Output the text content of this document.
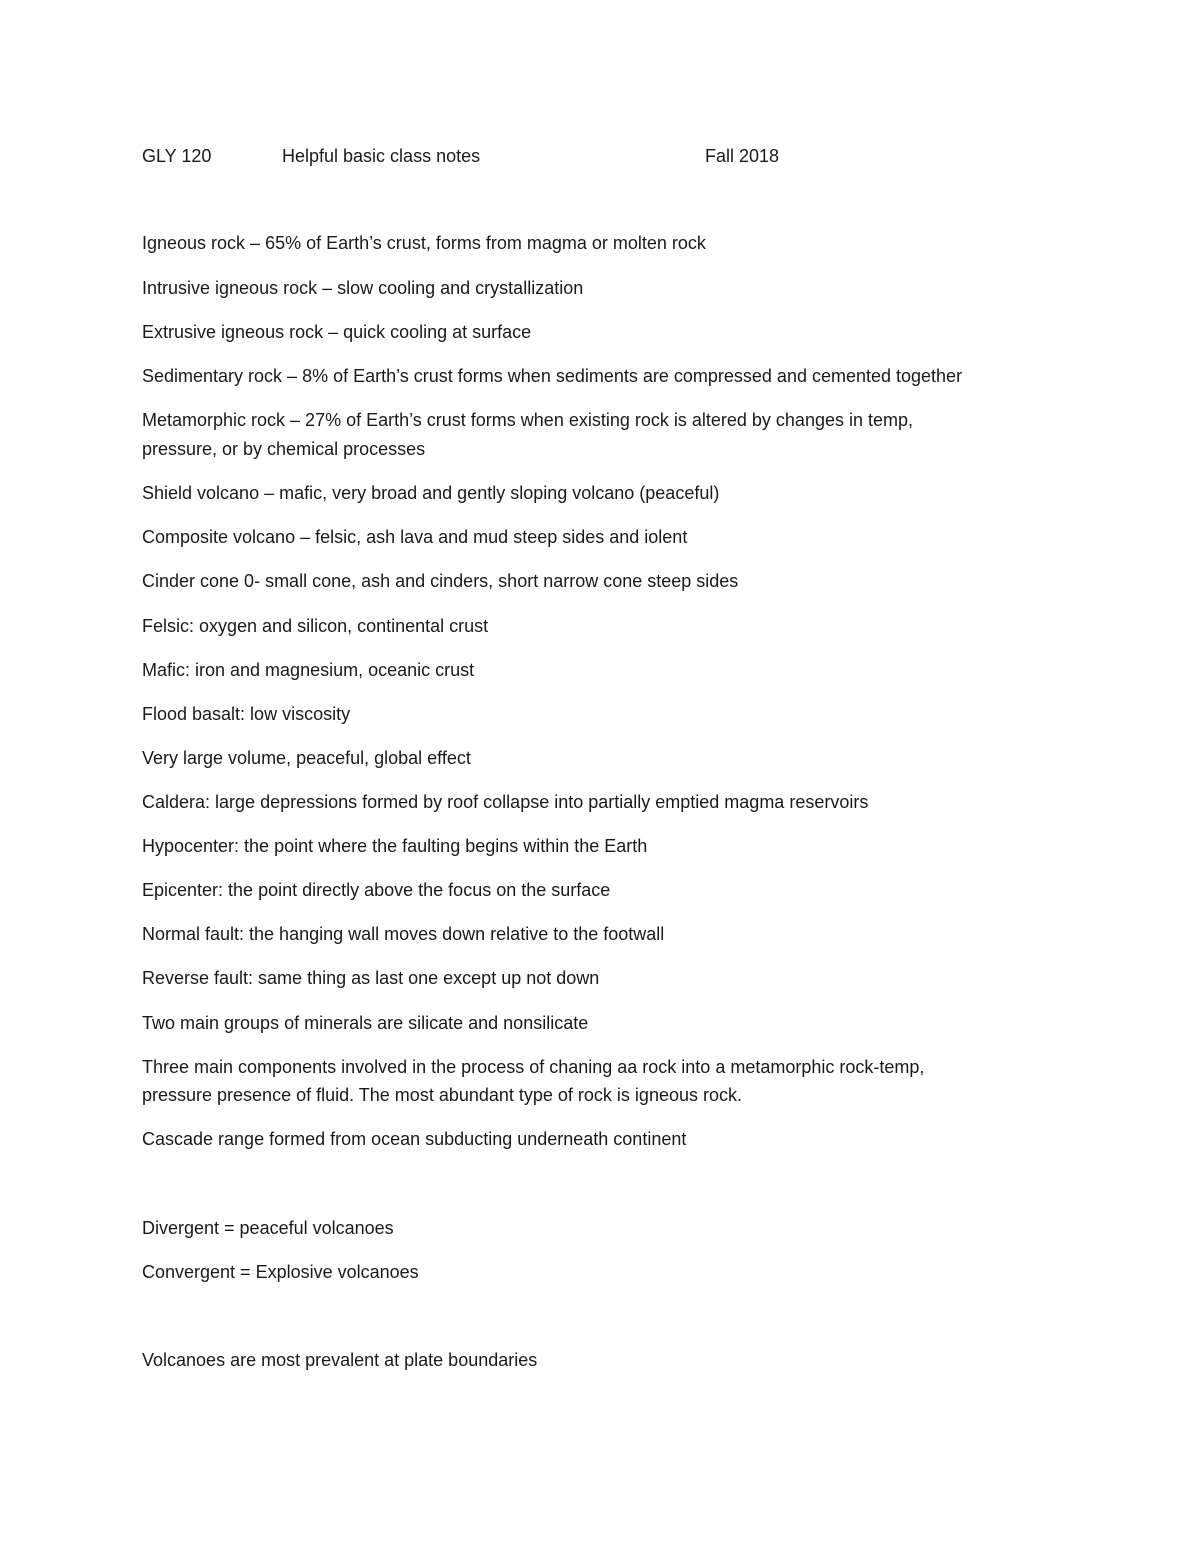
GLY 120	Helpful basic class notes	Fall 2018
Igneous rock – 65% of Earth’s crust, forms from magma or molten rock
Intrusive igneous rock – slow cooling and crystallization
Extrusive igneous rock – quick cooling at surface
Sedimentary rock – 8% of Earth’s crust forms when sediments are compressed and cemented together
Metamorphic rock – 27% of Earth’s crust forms when existing rock is altered by changes in temp,
pressure, or by chemical processes
Shield volcano – mafic, very broad and gently sloping volcano (peaceful)
Composite volcano – felsic, ash lava and mud steep sides and iolent
Cinder cone 0- small cone, ash and cinders, short narrow cone steep sides
Felsic: oxygen and silicon, continental crust
Mafic: iron and magnesium, oceanic crust
Flood basalt: low viscosity
Very large volume, peaceful, global effect
Caldera: large depressions formed by roof collapse into partially emptied magma reservoirs
Hypocenter: the point where the faulting begins within the Earth
Epicenter: the point directly above the focus on the surface
Normal fault: the hanging wall moves down relative to the footwall
Reverse fault: same thing as last one except up not down
Two main groups of minerals are silicate and nonsilicate
Three main components involved in the process of chaning aa rock into a metamorphic rock-temp,
pressure presence of fluid. The most abundant type of rock is igneous rock.
Cascade range formed from ocean subducting underneath continent
Divergent = peaceful volcanoes
Convergent = Explosive volcanoes
Volcanoes are most prevalent at plate boundaries
